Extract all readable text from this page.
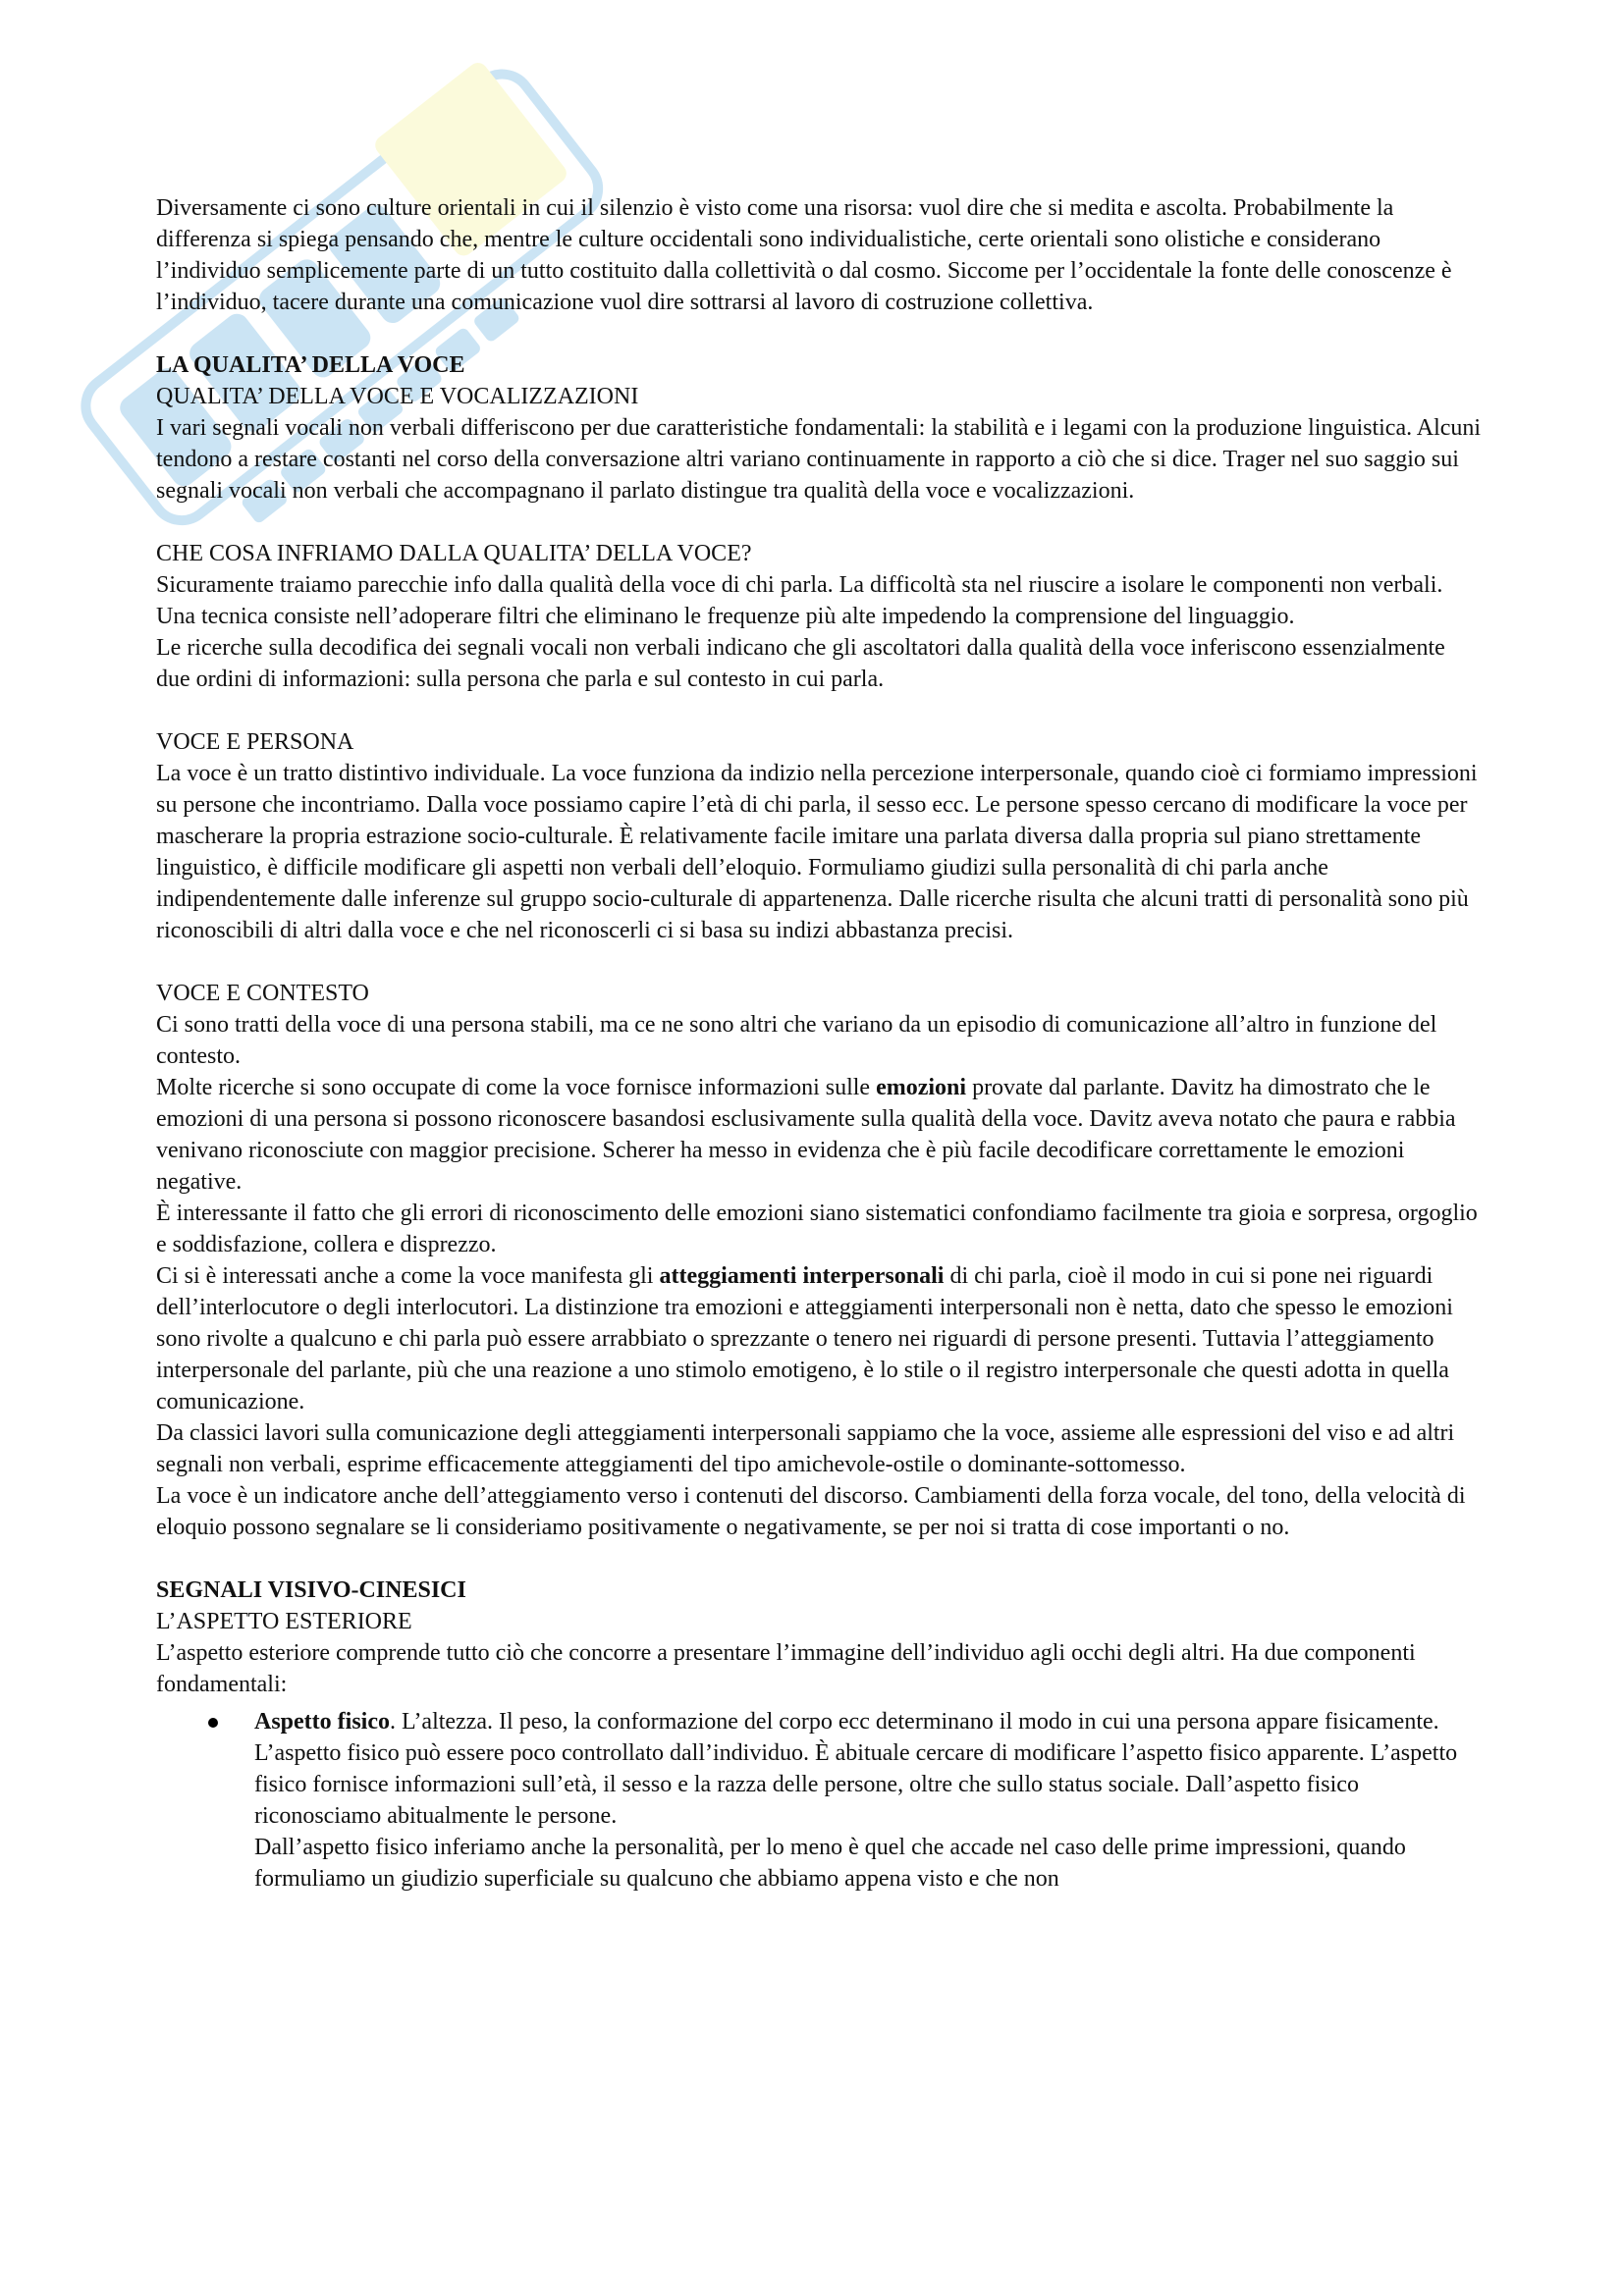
Diversamente ci sono culture orientali in cui il silenzio è visto come una risorsa: vuol dire che si medita e ascolta. Probabilmente la differenza si spiega pensando che, mentre le culture occidentali sono individualistiche, certe orientali sono olistiche e considerano l’individuo semplicemente parte di un tutto costituito dalla collettività o dal cosmo. Siccome per l’occidentale la fonte delle conoscenze è l’individuo, tacere durante una comunicazione vuol dire sottrarsi al lavoro di costruzione collettiva.

LA QUALITA’ DELLA VOCE

QUALITA’ DELLA VOCE E VOCALIZZAZIONI

I vari segnali vocali non verbali differiscono per due caratteristiche fondamentali: la stabilità e i legami con la produzione linguistica. Alcuni tendono a restare costanti nel corso della conversazione altri variano continuamente in rapporto a ciò che si dice. Trager nel suo saggio sui segnali vocali non verbali che accompagnano il parlato distingue tra qualità della voce e vocalizzazioni.

CHE COSA INFRIAMO DALLA QUALITA’ DELLA VOCE?

Sicuramente traiamo parecchie info dalla qualità della voce di chi parla. La difficoltà sta nel riuscire a isolare le componenti non verbali.

Una tecnica consiste nell’adoperare filtri che eliminano le frequenze più alte impedendo la comprensione del linguaggio.

Le ricerche sulla decodifica dei segnali vocali non verbali indicano che gli ascoltatori dalla qualità della voce inferiscono essenzialmente due ordini di informazioni: sulla persona che parla e sul contesto in cui parla.

VOCE E PERSONA

La voce è un tratto distintivo individuale. La voce funziona da indizio nella percezione interpersonale, quando cioè ci formiamo impressioni su persone che incontriamo. Dalla voce possiamo capire l’età di chi parla, il sesso ecc. Le persone spesso cercano di modificare la voce per mascherare la propria estrazione socio-culturale. È relativamente facile imitare una parlata diversa dalla propria sul piano strettamente linguistico, è difficile modificare gli aspetti non verbali dell’eloquio. Formuliamo giudizi sulla personalità di chi parla anche indipendentemente dalle inferenze sul gruppo socio-culturale di appartenenza. Dalle ricerche risulta che alcuni tratti di personalità sono più riconoscibili di altri dalla voce e che nel riconoscerli ci si basa su indizi abbastanza precisi.

VOCE E CONTESTO

Ci sono tratti della voce di una persona stabili, ma ce ne sono altri che variano da un episodio di comunicazione all’altro in funzione del contesto.

Molte ricerche si sono occupate di come la voce fornisce informazioni sulle emozioni provate dal parlante. Davitz ha dimostrato che le emozioni di una persona si possono riconoscere basandosi esclusivamente sulla qualità della voce. Davitz aveva notato che paura e rabbia venivano riconosciute con maggior precisione. Scherer ha messo in evidenza che è più facile decodificare correttamente le emozioni negative.

È interessante il fatto che gli errori di riconoscimento delle emozioni siano sistematici confondiamo facilmente tra gioia e sorpresa, orgoglio e soddisfazione, collera e disprezzo.

Ci si è interessati anche a come la voce manifesta gli atteggiamenti interpersonali di chi parla, cioè il modo in cui si pone nei riguardi dell’interlocutore o degli interlocutori. La distinzione tra emozioni e atteggiamenti interpersonali non è netta, dato che spesso le emozioni sono rivolte a qualcuno e chi parla può essere arrabbiato o sprezzante o tenero nei riguardi di persone presenti. Tuttavia l’atteggiamento interpersonale del parlante, più che una reazione a uno stimolo emotigeno, è lo stile o il registro interpersonale che questi adotta in quella comunicazione.

Da classici lavori sulla comunicazione degli atteggiamenti interpersonali sappiamo che la voce, assieme alle espressioni del viso e ad altri segnali non verbali, esprime efficacemente atteggiamenti del tipo amichevole-ostile o dominante-sottomesso.

La voce è un indicatore anche dell’atteggiamento verso i contenuti del discorso. Cambiamenti della forza vocale, del tono, della velocità di eloquio possono segnalare se li consideriamo positivamente o negativamente, se per noi si tratta di cose importanti o no.

SEGNALI VISIVO-CINESICI

L’ASPETTO ESTERIORE

L’aspetto esteriore comprende tutto ciò che concorre a presentare l’immagine dell’individuo agli occhi degli altri. Ha due componenti fondamentali:

Aspetto fisico. L’altezza. Il peso, la conformazione del corpo ecc determinano il modo in cui una persona appare fisicamente. L’aspetto fisico può essere poco controllato dall’individuo. È abituale cercare di modificare l’aspetto fisico apparente. L’aspetto fisico fornisce informazioni sull’età, il sesso e la razza delle persone, oltre che sullo status sociale. Dall’aspetto fisico riconosciamo abitualmente le persone.

Dall’aspetto fisico inferiamo anche la personalità, per lo meno è quel che accade nel caso delle prime impressioni, quando formuliamo un giudizio superficiale su qualcuno che abbiamo appena visto e che non
